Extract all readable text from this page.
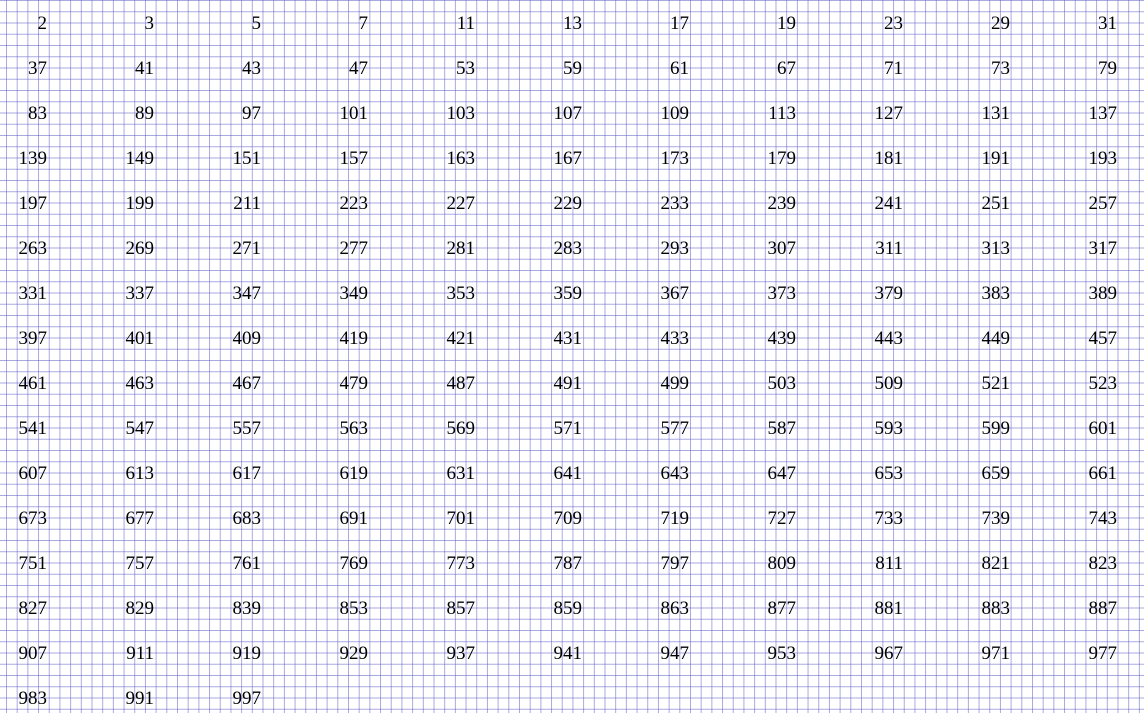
2	3	5	7	11	13	17	19	23	29	31
37	41	43	47	53	59	61	67	71	73	79
83	89	97	101	103	107	109	113	127	131	137
139	149	151	157	163	167	173	179	181	191	193
197	199	211	223	227	229	233	239	241	251	257
263	269	271	277	281	283	293	307	311	313	317
331	337	347	349	353	359	367	373	379	383	389
397	401	409	419	421	431	433	439	443	449	457
461	463	467	479	487	491	499	503	509	521	523
541	547	557	563	569	571	577	587	593	599	601
607	613	617	619	631	641	643	647	653	659	661
673	677	683	691	701	709	719	727	733	739	743
751	757	761	769	773	787	797	809	811	821	823
827	829	839	853	857	859	863	877	881	883	887
907	911	919	929	937	941	947	953	967	971	977
983	991	997
